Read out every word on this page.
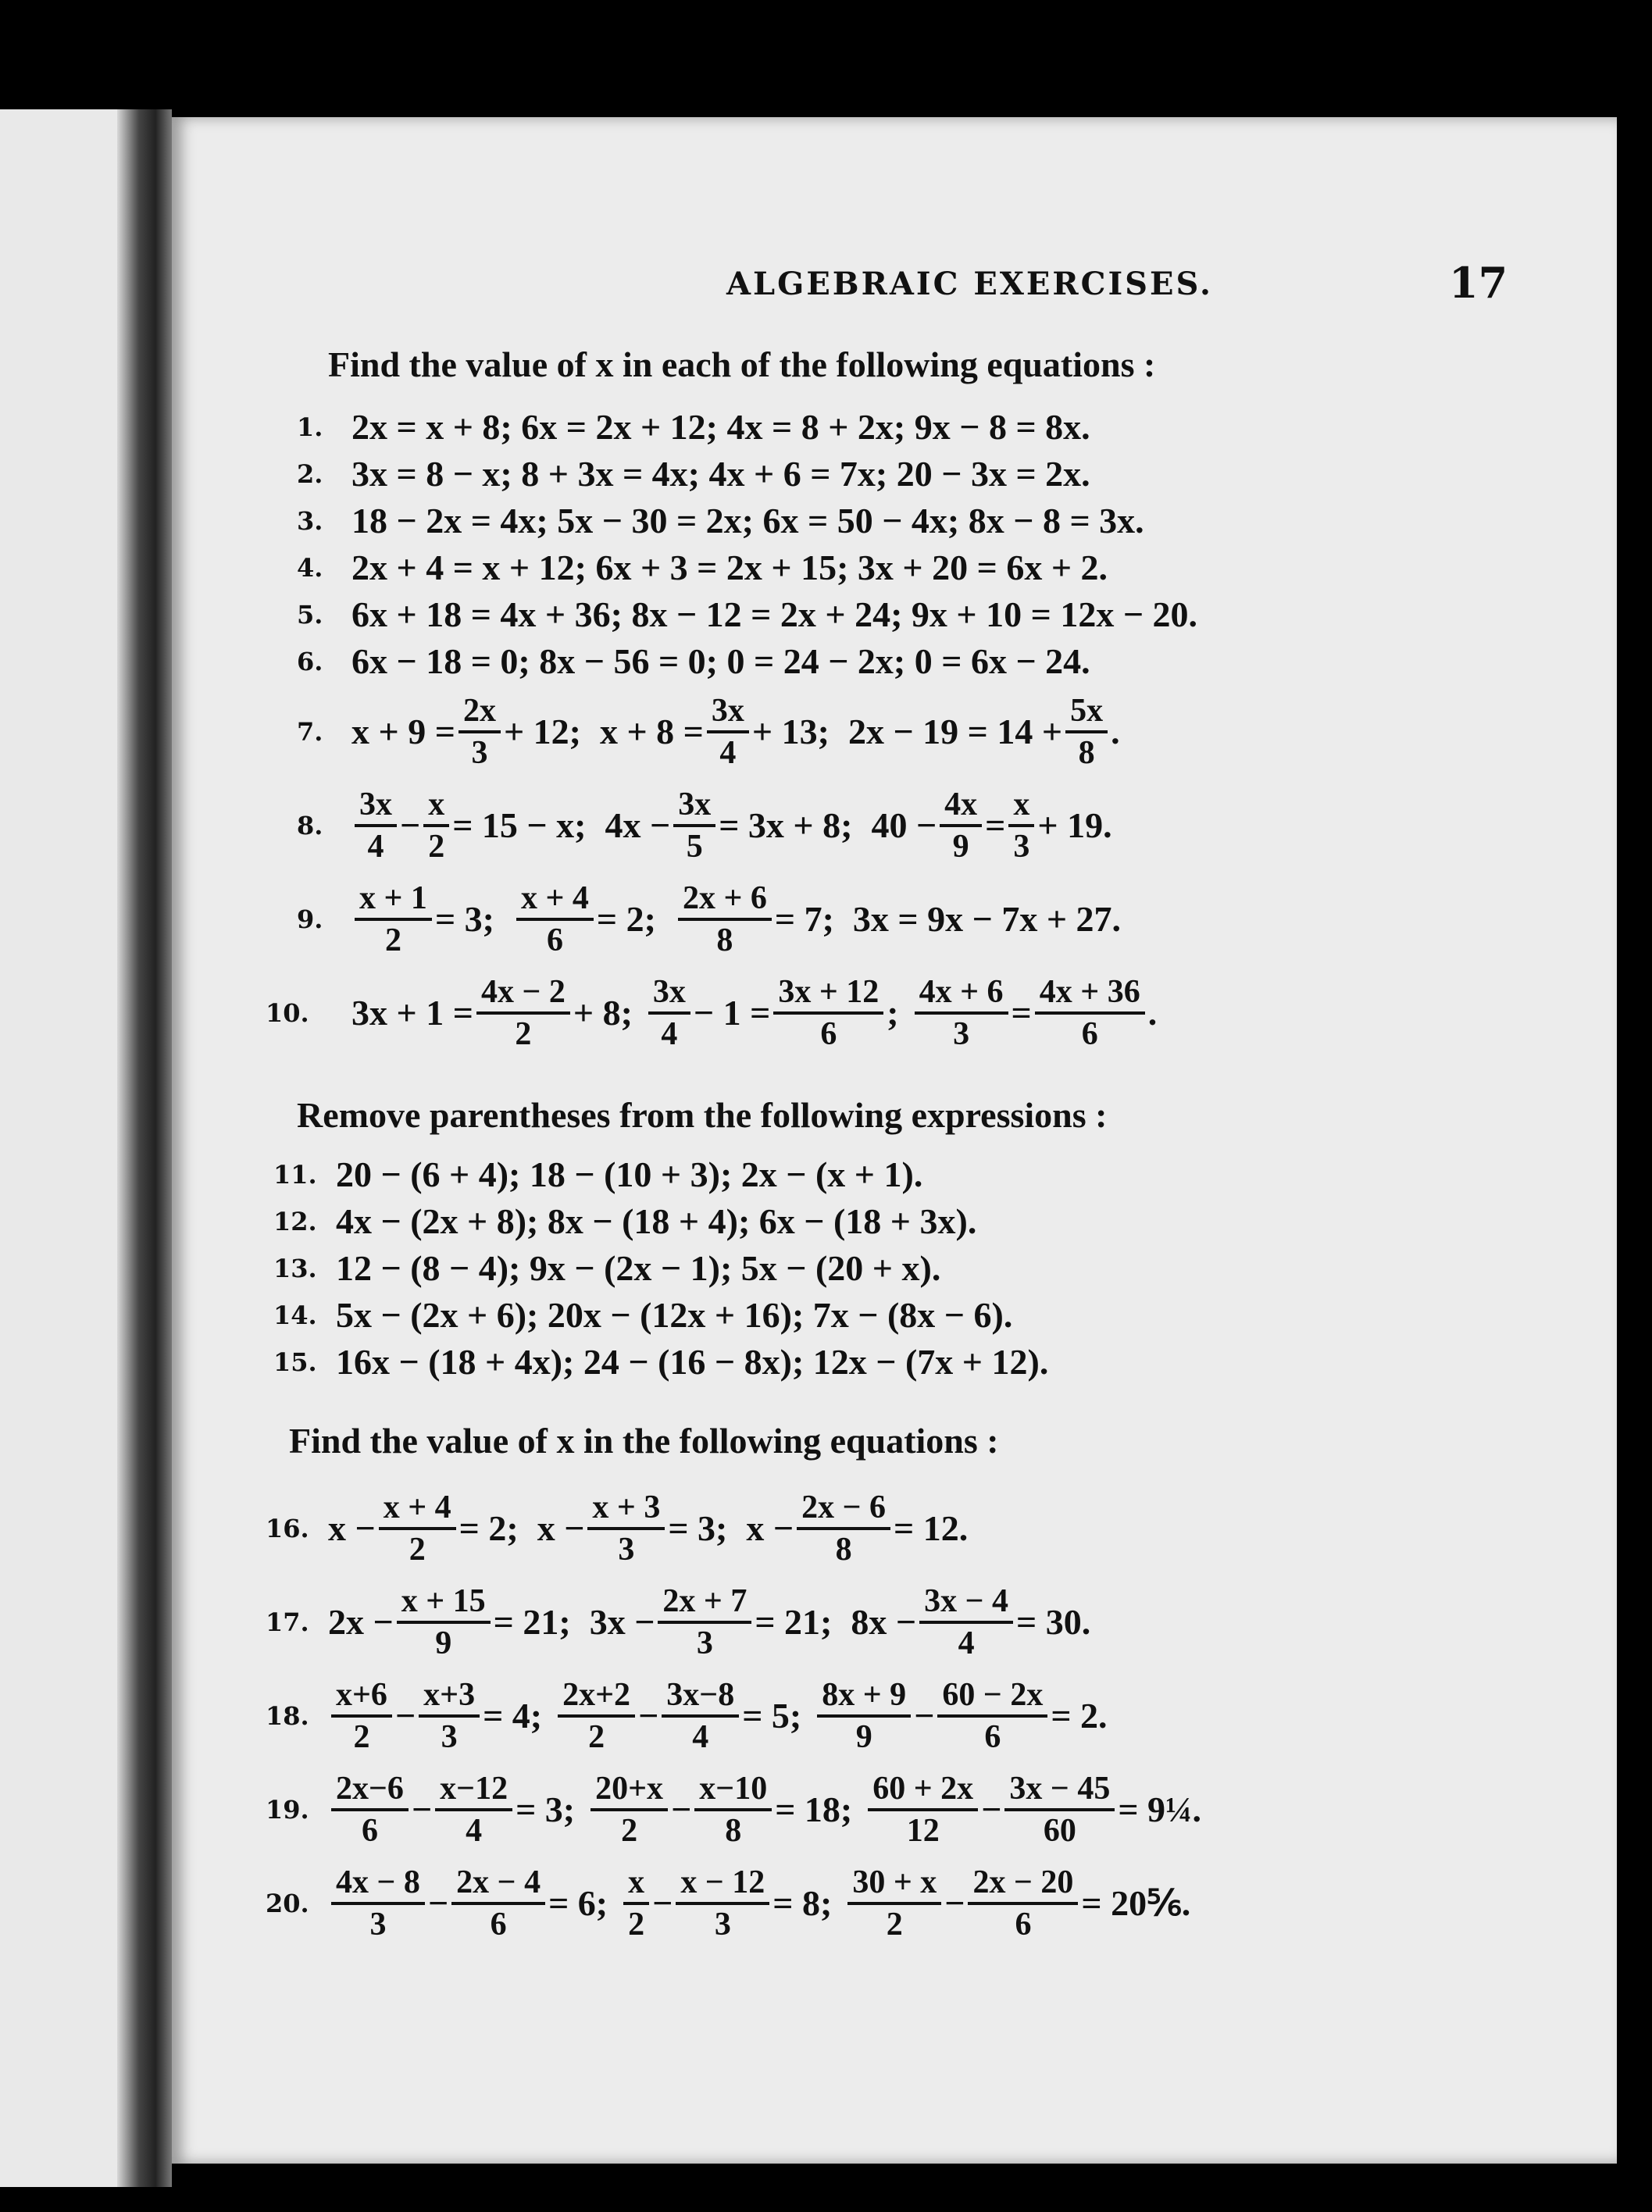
ALGEBRAIC EXERCISES.	17

Find the value of x in each of the following equations :

1. 2x = x + 8; 6x = 2x + 12; 4x = 8 + 2x; 9x − 8 = 8x.
2. 3x = 8 − x; 8 + 3x = 4x; 4x + 6 = 7x; 20 − 3x = 2x.
3. 18 − 2x = 4x; 5x − 30 = 2x; 6x = 50 − 4x; 8x − 8 = 3x.
4. 2x + 4 = x + 12; 6x + 3 = 2x + 15; 3x + 20 = 6x + 2.
5. 6x + 18 = 4x + 36; 8x − 12 = 2x + 24; 9x + 10 = 12x − 20.
6. 6x − 18 = 0; 8x − 56 = 0; 0 = 24 − 2x; 0 = 6x − 24.
7. $x + 9 = \frac{2x}{3} + 12$; $x + 8 = \frac{3x}{4} + 13$; $2x - 19 = 14 + \frac{5x}{8}$ .
8. $\frac{3x}{4} - \frac{x}{2} = 15 - x$; $4x - \frac{3x}{5} = 3x + 8$; $40 - \frac{4x}{9} = \frac{x}{3} + 19$.
9. $\frac{x + 1}{2} = 3$; $\frac{x + 4}{6} = 2$; $\frac{2x + 6}{8} = 7$; 3x = 9x − 7x + 27.
10.	$3x + 1 = \frac{4x - 2}{2} + 8$; $\frac{3x}{4} - 1 = \frac{3x + 12}{6}$ ; $\frac{4x + 6}{3} = \frac{4x + 36}{6}$ .

Remove parentheses from the following expressions :

11. 20 − (6 + 4); 18 − (10 + 3); 2x − (x + 1).
12. 4x − (2x + 8); 8x − (18 + 4); 6x − (18 + 3x).
13. 12 − (8 − 4); 9x − (2x − 1); 5x − (20 + x).
14. 5x − (2x + 6); 20x − (12x + 16); 7x − (8x − 6).
15. 16x − (18 + 4x); 24 − (16 − 8x); 12x − (7x + 12).

Find the value of x in the following equations :

16. $x - \frac{x + 4}{2} = 2$; $x - \frac{x + 3}{3} = 3$; $x - \frac{2x - 6}{8} = 12$.
17. $2x - \frac{x + 15}{9} = 21$; $3x - \frac{2x + 7}{3} = 21$; $8x - \frac{3x - 4}{4} = 30$.
18. $\frac{x+6}{2} - \frac{x+3}{3} = 4$; $\frac{2x+2}{2} - \frac{3x-8}{4} = 5$; $\frac{8x + 9}{9} - \frac{60 - 2x}{6} = 2$.
19. $\frac{2x-6}{6} - \frac{x-12}{4} = 3$; $\frac{20+x}{2} - \frac{x-10}{8} = 18$; $\frac{60 + 2x}{12} - \frac{3x - 45}{60}$ = 9¼.
20. $\frac{4x - 8}{3} - \frac{2x - 4}{6} = 6$; $\frac{x}{2} - \frac{x - 12}{3} = 8$; $\frac{30 + x}{2} - \frac{2x - 20}{6}$ = 20⅚.
